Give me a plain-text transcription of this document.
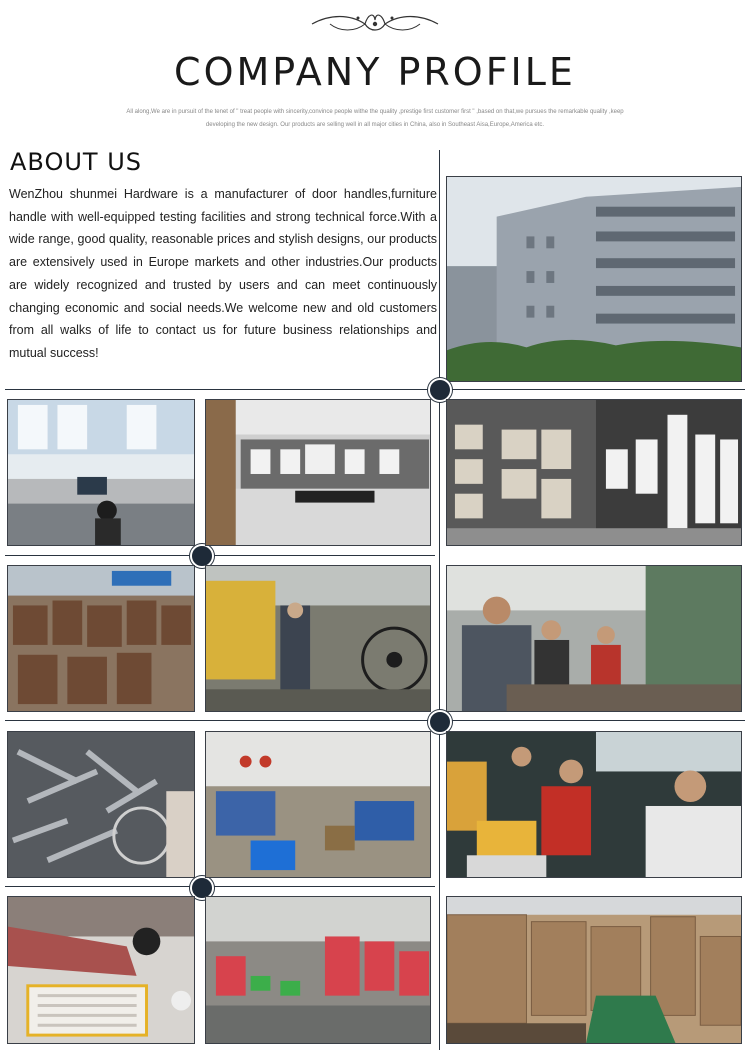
COMPANY PROFILE
All along,We are in pursuit of the tenet of " treat people with sincerity,convince people withe the quality ,prestige first customer first " ,based on that,we pursues the remarkable quality ,keep developing the new design. Our products are selling well in all major cities in China, also in Southeast Aisa,Europe,America etc.
ABOUT US

WenZhou shunmei Hardware is a manufacturer of door handles,furniture handle with well-equipped testing facilities and strong technical force.With a wide range, good quality, reasonable prices and stylish designs, our products are extensively used in Europe markets and other industries.Our products are widely recognized and trusted by users and can meet continuously changing economic and social needs.We welcome new and old customers from all walks of life to contact us for future business relationships and mutual success!
